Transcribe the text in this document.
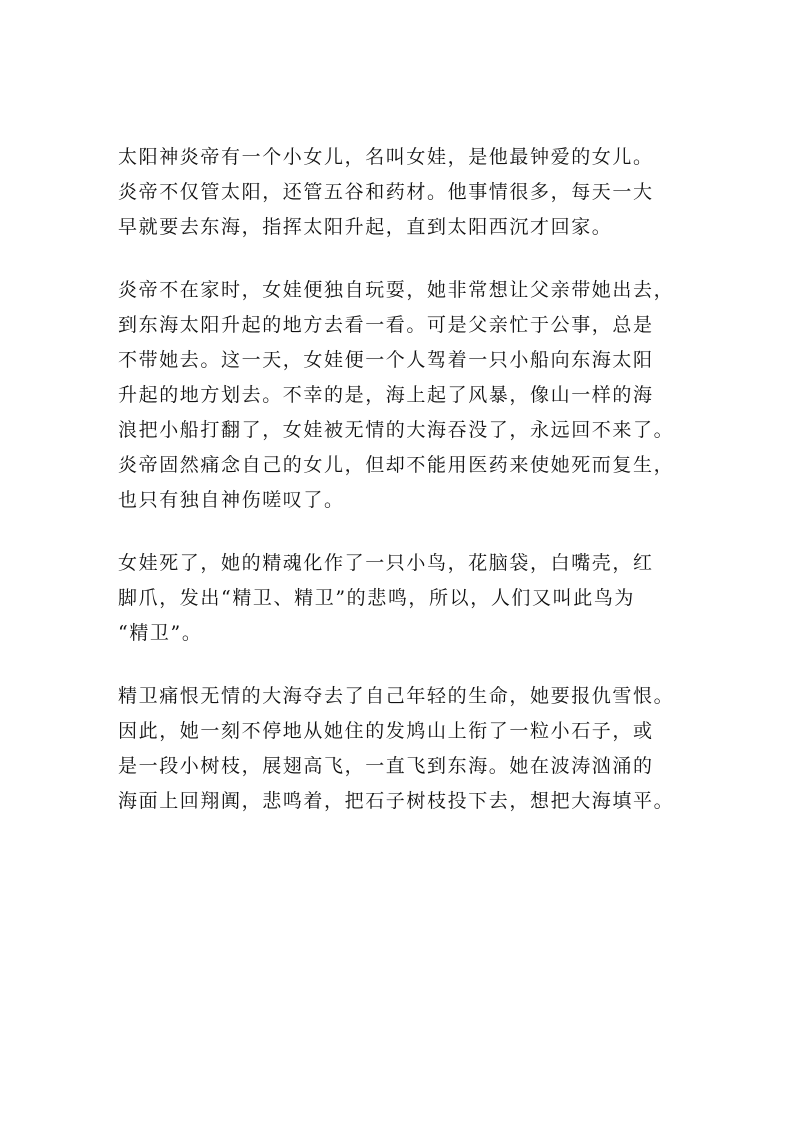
太阳神炎帝有一个小女儿，名叫女娃，是他最钟爱的女儿。
炎帝不仅管太阳，还管五谷和药材。他事情很多，每天一大
早就要去东海，指挥太阳升起，直到太阳西沉才回家。
炎帝不在家时，女娃便独自玩耍，她非常想让父亲带她出去，
到东海太阳升起的地方去看一看。可是父亲忙于公事，总是
不带她去。这一天，女娃便一个人驾着一只小船向东海太阳
升起的地方划去。不幸的是，海上起了风暴，像山一样的海
浪把小船打翻了，女娃被无情的大海吞没了，永远回不来了。
炎帝固然痛念自己的女儿，但却不能用医药来使她死而复生，
也只有独自神伤嗟叹了。
女娃死了，她的精魂化作了一只小鸟，花脑袋，白嘴壳，红
脚爪，发出“精卫、精卫”的悲鸣，所以，人们又叫此鸟为
“精卫”。
精卫痛恨无情的大海夺去了自己年轻的生命，她要报仇雪恨。
因此，她一刻不停地从她住的发鸠山上衔了一粒小石子，或
是一段小树枝，展翅高飞，一直飞到东海。她在波涛汹涌的
海面上回翔阗，悲鸣着，把石子树枝投下去，想把大海填平。
